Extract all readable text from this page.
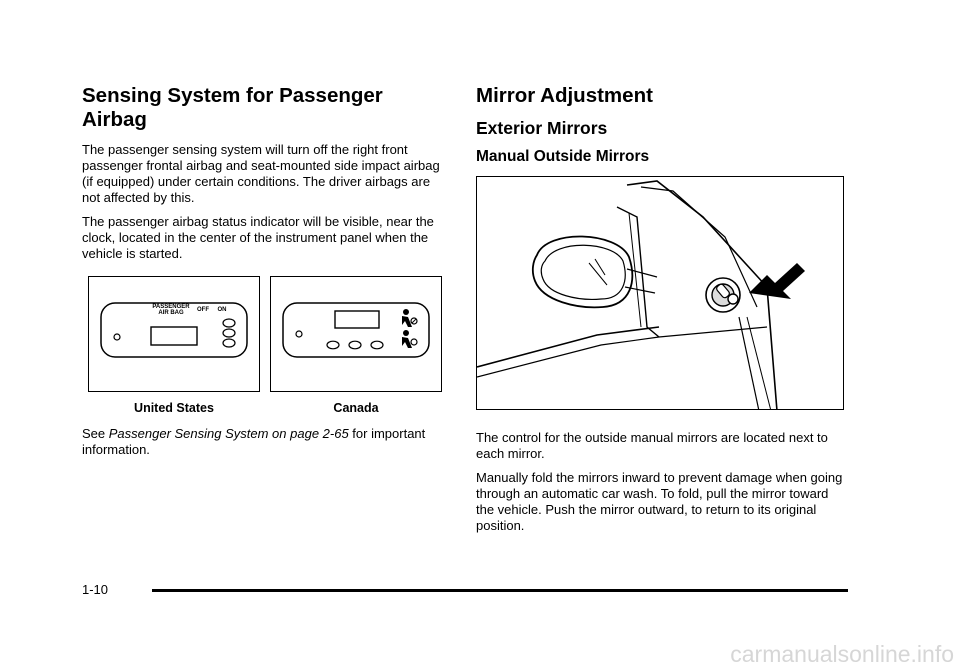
Sensing System for Passenger Airbag

The passenger sensing system will turn off the right front passenger frontal airbag and seat-mounted side impact airbag (if equipped) under certain conditions. The driver airbags are not affected by this.

The passenger airbag status indicator will be visible, near the clock, located in the center of the instrument panel when the vehicle is started.

PASSENGER
AIR BAG OFF ON
United States	Canada

See Passenger Sensing System on page 2-65 for important information.

Mirror Adjustment
Exterior Mirrors
Manual Outside Mirrors

The control for the outside manual mirrors are located next to each mirror.

Manually fold the mirrors inward to prevent damage when going through an automatic car wash. To fold, pull the mirror toward the vehicle. Push the mirror outward, to return to its original position.

1-10
carmanualsonline.info
